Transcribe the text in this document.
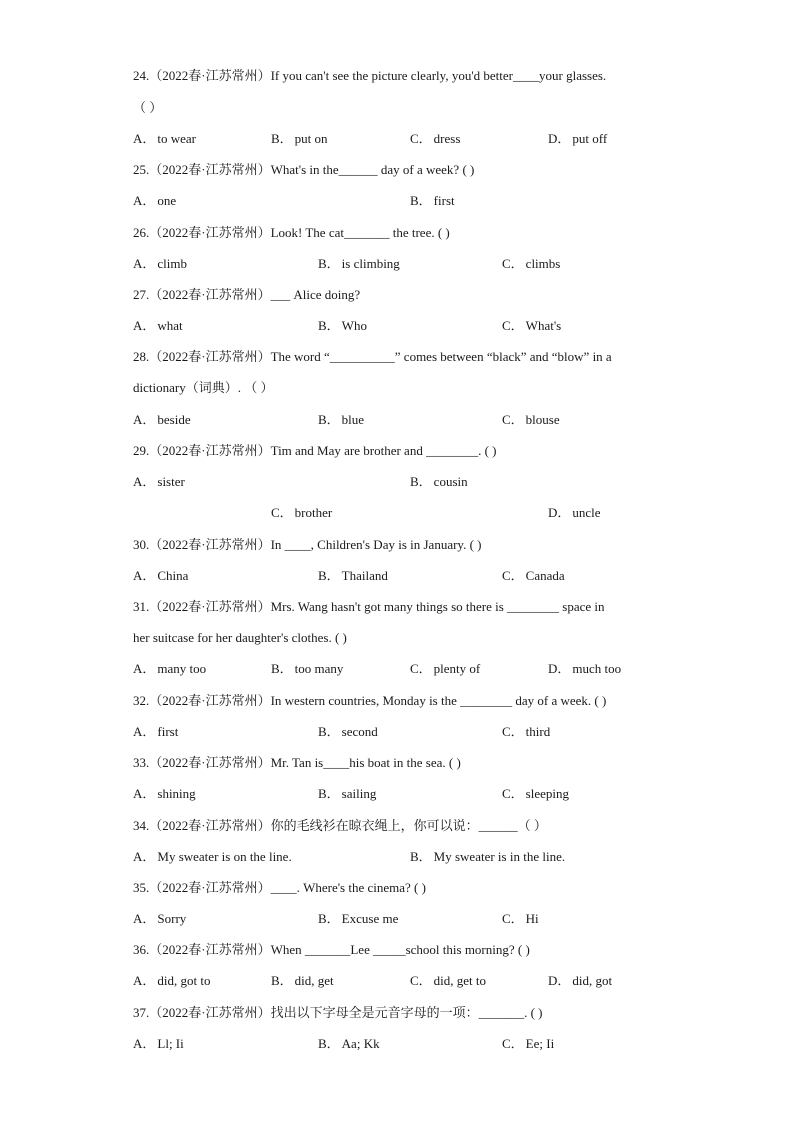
24.（2022春·江苏常州）If you can't see the picture clearly, you'd better____your glasses.
（ ）
A． to wear	B． put on	C． dress	D． put off
25.（2022春·江苏常州）What's in the______ day of a week? ( )
A． one	B． first
26.（2022春·江苏常州）Look! The cat_______ the tree. ( )
A． climb	B． is climbing	C． climbs
27.（2022春·江苏常州）___ Alice doing?
A． what	B． Who	C． What's
28.（2022春·江苏常州）The word “__________” comes between “black” and “blow” in a
dictionary（词典）. （ ）
A． beside	B． blue	C． blouse
29.（2022春·江苏常州）Tim and May are brother and ________. ( )
A． sister	B． cousin
C． brother	D． uncle
30.（2022春·江苏常州）In ____, Children's Day is in January. ( )
A． China	B． Thailand	C． Canada
31.（2022春·江苏常州）Mrs. Wang hasn't got many things so there is ________ space in
her suitcase for her daughter's clothes. ( )
A． many too	B． too many	C． plenty of	D． much too
32.（2022春·江苏常州）In western countries, Monday is the ________ day of a week. ( )
A． first	B． second	C． third
33.（2022春·江苏常州）Mr. Tan is____his boat in the sea. ( )
A． shining	B． sailing	C． sleeping
34.（2022春·江苏常州）你的毛线衫在晾衣绳上，你可以说：______（ ）
A． My sweater is on the line.	B． My sweater is in the line.
35.（2022春·江苏常州）____. Where's the cinema? ( )
A． Sorry	B． Excuse me	C． Hi
36.（2022春·江苏常州）When _______Lee _____school this morning? ( )
A． did, got to	B． did, get	C． did, get to	D． did, got
37.（2022春·江苏常州）找出以下字母全是元音字母的一项：_______. ( )
A． Ll; Ii	B． Aa; Kk	C． Ee; Ii
